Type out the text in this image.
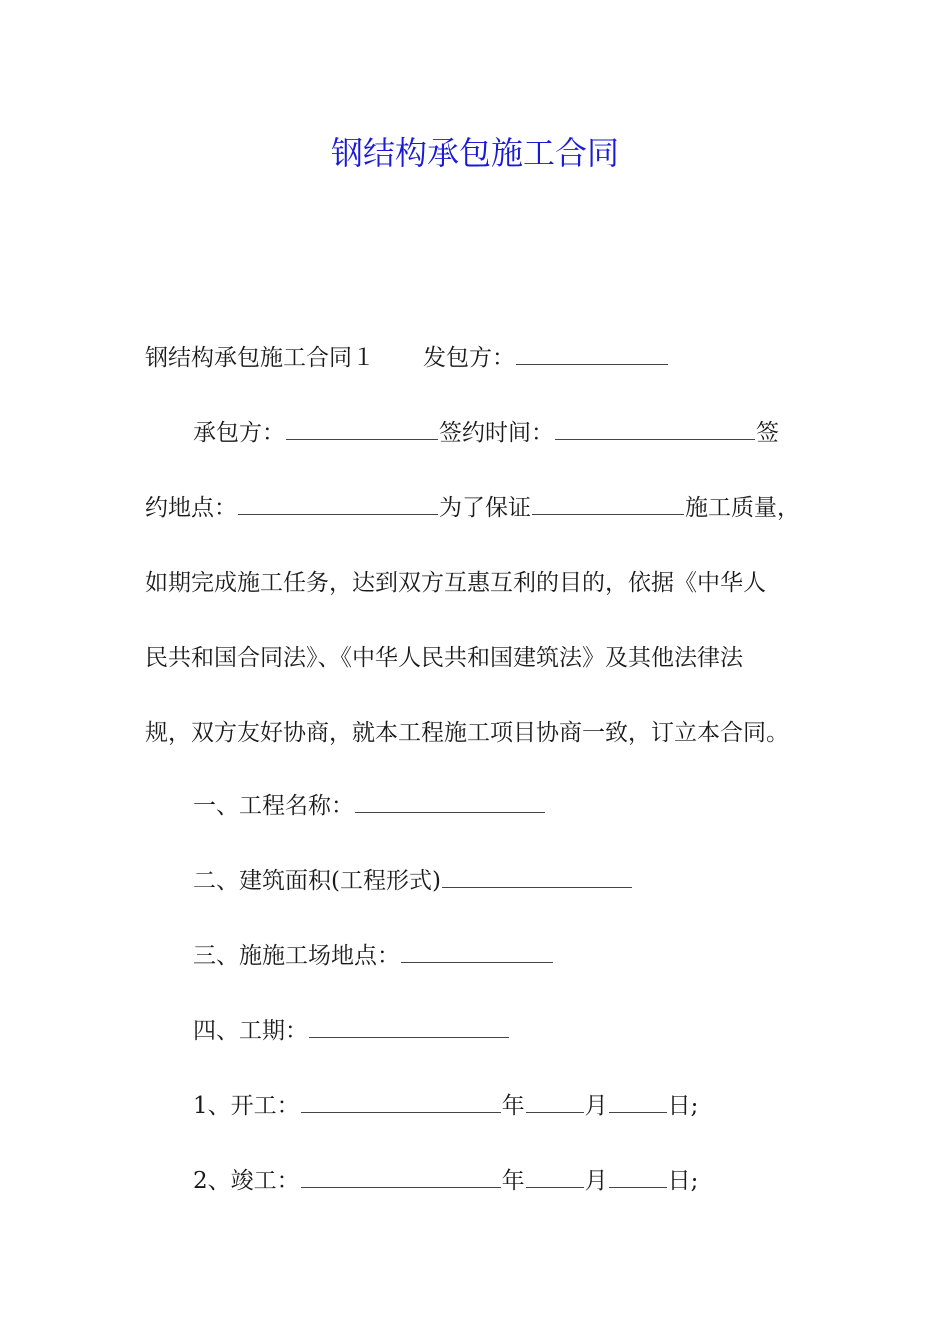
钢结构承包施工合同
钢结构承包施工合同１ 发包方：
承包方：	签约时间：	签
约地点：	为了保证	施工质量，
如期完成施工任务，达到双方互惠互利的目的，依据《中华人
民共和国合同法》、《中华人民共和国建筑法》及其他法律法
规，双方友好协商，就本工程施工项目协商一致，订立本合同。
一、工程名称：
二、建筑面积(工程形式)
三、施施工场地点：
四、工期：
1、开工：	年	月	日;
2、竣工：	年	月	日;
